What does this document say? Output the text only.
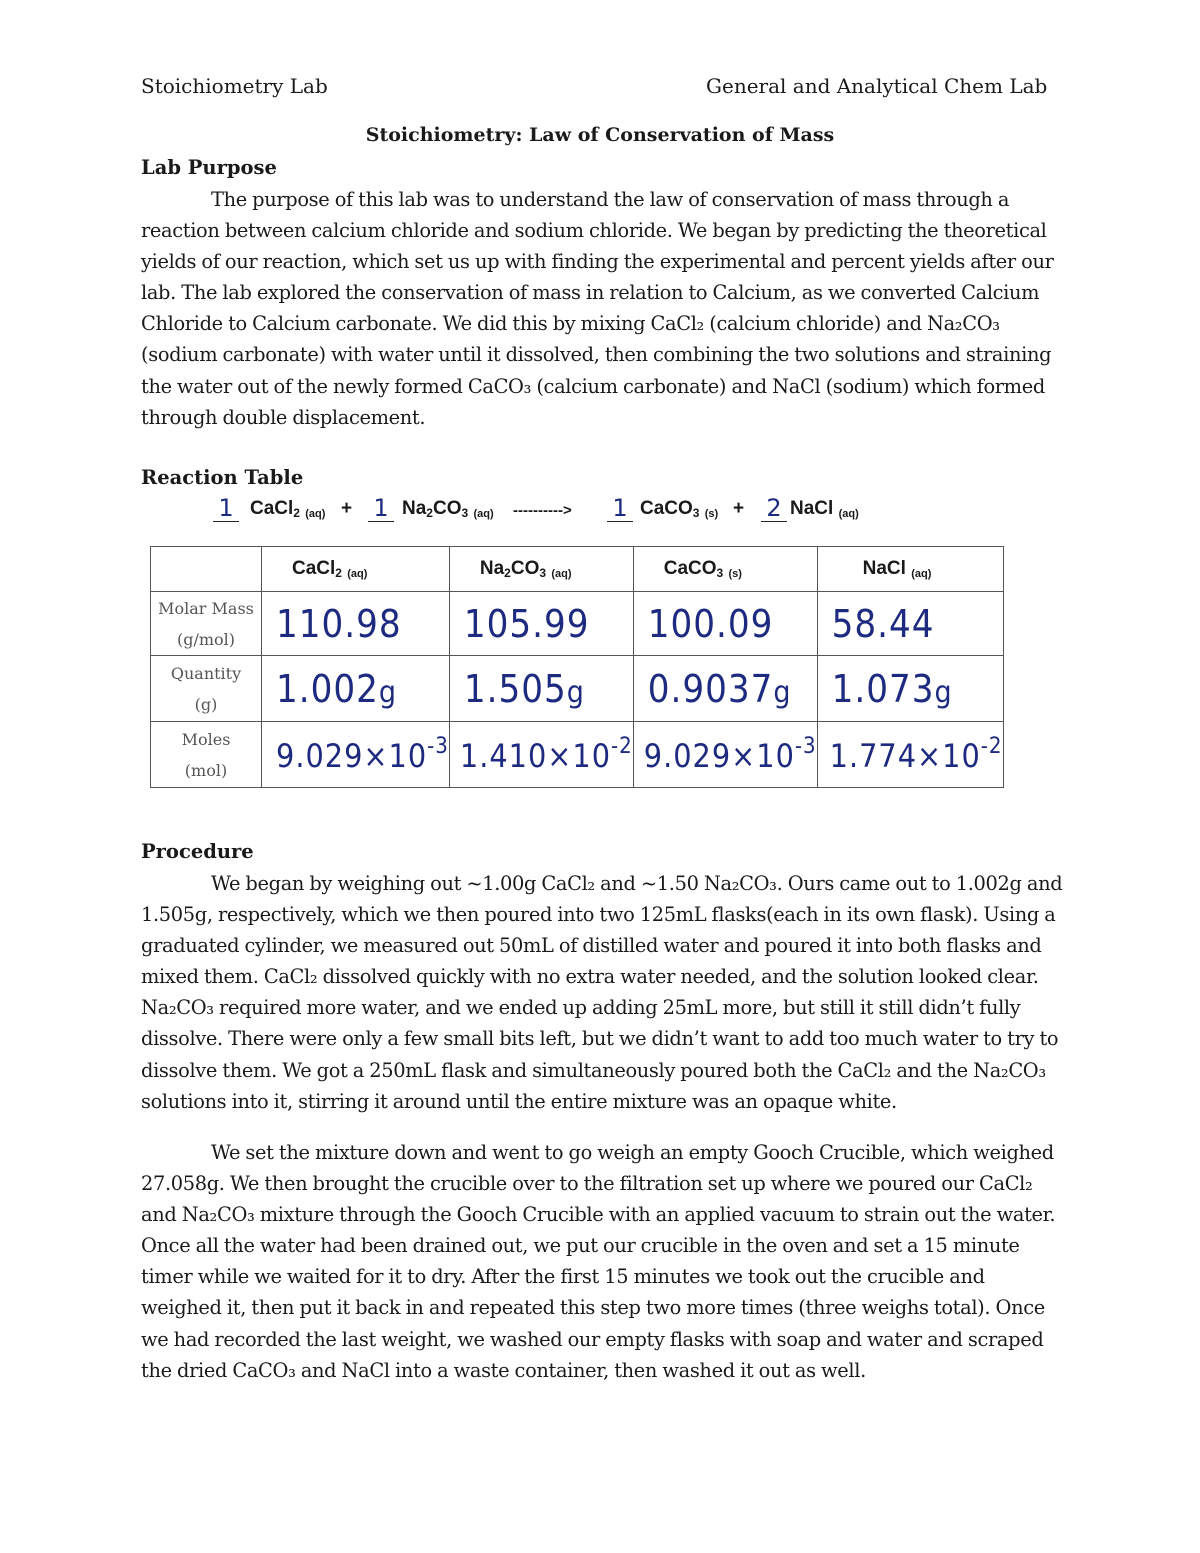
Stoichiometry Lab	General and Analytical Chem Lab
Stoichiometry: Law of Conservation of Mass
Lab Purpose

The purpose of this lab was to understand the law of conservation of mass through a reaction between calcium chloride and sodium chloride. We began by predicting the theoretical yields of our reaction, which set us up with finding the experimental and percent yields after our lab. The lab explored the conservation of mass in relation to Calcium, as we converted Calcium Chloride to Calcium carbonate. We did this by mixing CaCl₂ (calcium chloride) and Na₂CO₃ (sodium carbonate) with water until it dissolved, then combining the two solutions and straining the water out of the newly formed CaCO₃ (calcium carbonate) and NaCl (sodium) which formed through double displacement.

Reaction Table
1 CaCl$_2$ (aq) + 1 $Na_2CO_3$ (aq) ----------> 1 CaCO$_3$ (s) + 2 NaCl (aq)
	CaCl$_2$ (aq)	$Na_2CO_3$ (aq)	CaCO$_3$ (s)	NaCl (aq)
Molar Mass
(g/mol)	110.98	105.99	100.09	58.44
Quantity
(g)	1.002g	1.505g	0.9037g	1.073g
Moles
(mol)	$9.029\times 10^{-3}$	$1.410\times 10^{-2}$	$9.029\times 10^{-3}$	$1.774\times 10^{-2}$
Procedure

We began by weighing out ~1.00g CaCl₂ and ~1.50 Na₂CO₃. Ours came out to 1.002g and 1.505g, respectively, which we then poured into two 125mL flasks(each in its own flask). Using a graduated cylinder, we measured out 50mL of distilled water and poured it into both flasks and mixed them. CaCl₂ dissolved quickly with no extra water needed, and the solution looked clear. Na₂CO₃ required more water, and we ended up adding 25mL more, but still it still didn’t fully dissolve. There were only a few small bits left, but we didn’t want to add too much water to try to dissolve them. We got a 250mL flask and simultaneously poured both the CaCl₂ and the Na₂CO₃ solutions into it, stirring it around until the entire mixture was an opaque white.

We set the mixture down and went to go weigh an empty Gooch Crucible, which weighed 27.058g. We then brought the crucible over to the filtration set up where we poured our CaCl₂ and Na₂CO₃ mixture through the Gooch Crucible with an applied vacuum to strain out the water. Once all the water had been drained out, we put our crucible in the oven and set a 15 minute timer while we waited for it to dry. After the first 15 minutes we took out the crucible and weighed it, then put it back in and repeated this step two more times (three weighs total). Once we had recorded the last weight, we washed our empty flasks with soap and water and scraped the dried CaCO₃ and NaCl into a waste container, then washed it out as well.
